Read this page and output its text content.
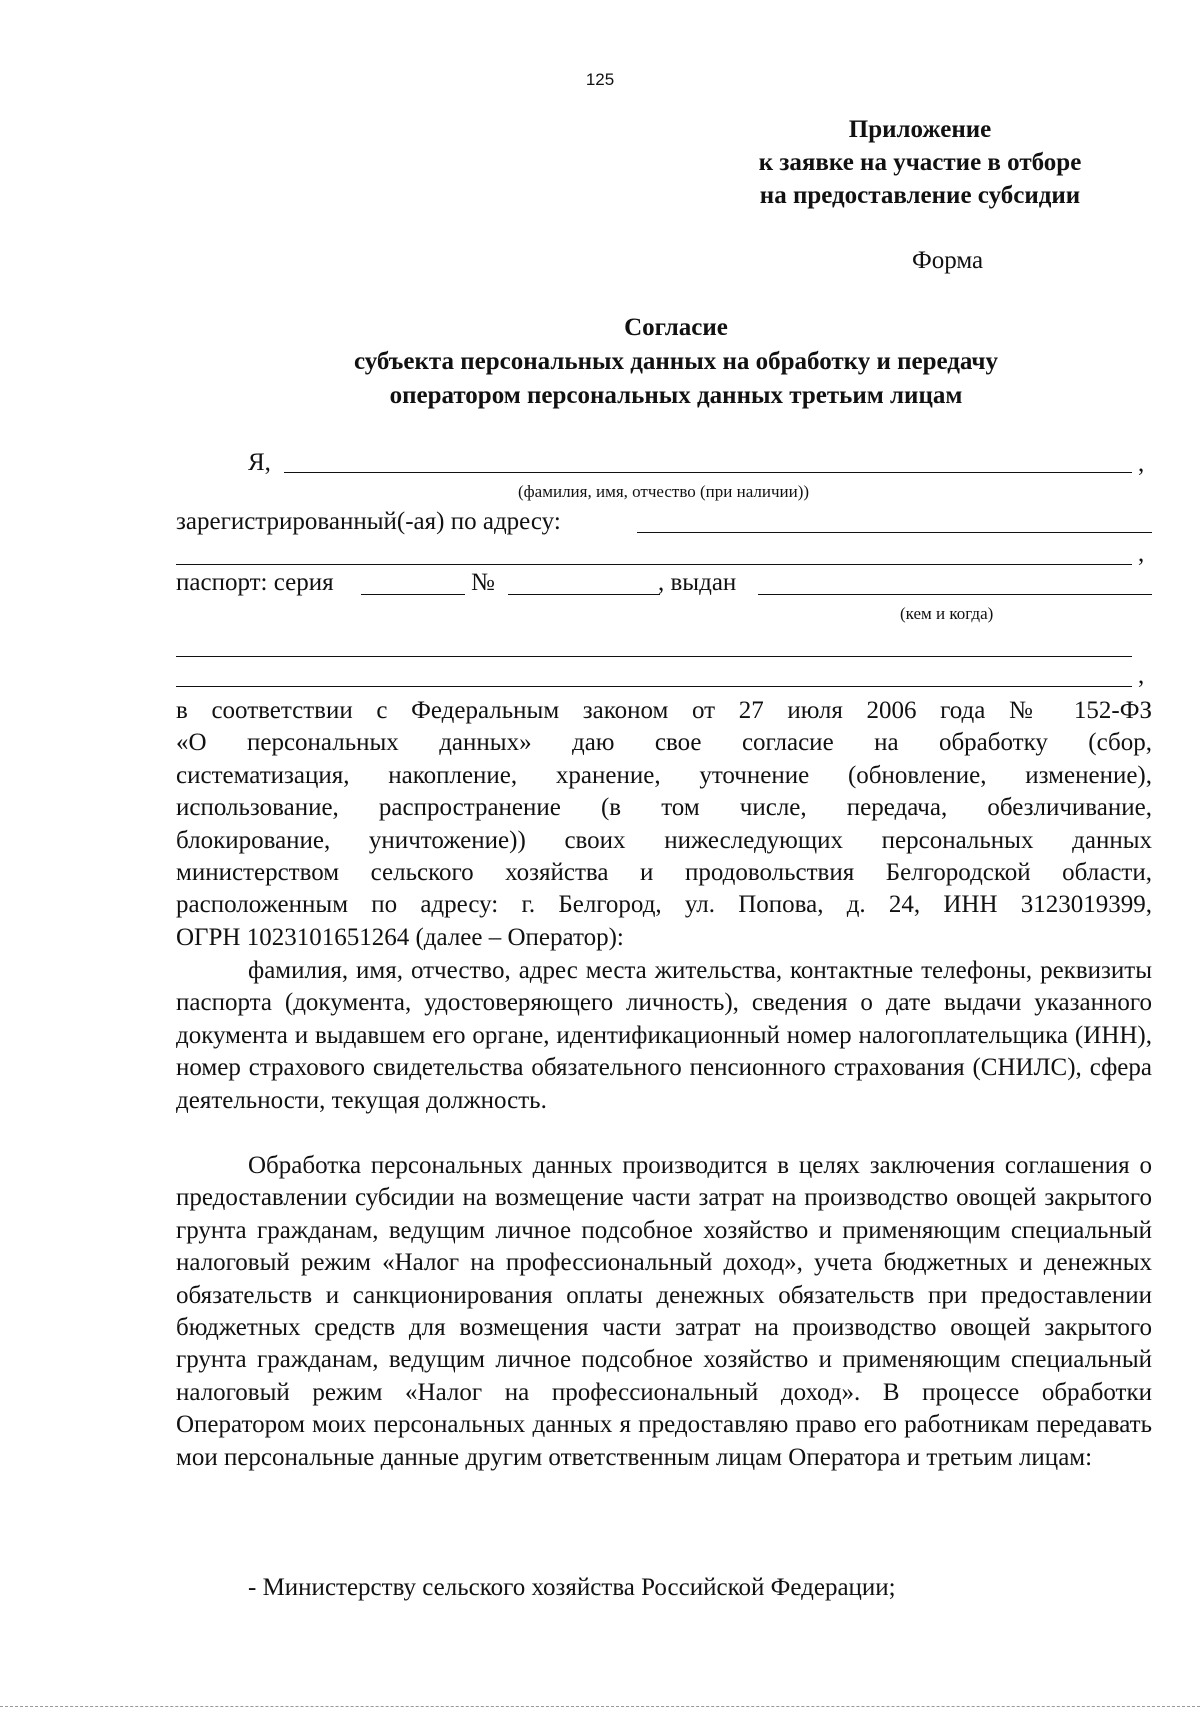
125
Приложение
к заявке на участие в отборе
на предоставление субсидии
Форма
Согласие
субъекта персональных данных на обработку и передачу
оператором персональных данных третьим лицам
Я,	,
(фамилия, имя, отчество (при наличии))
зарегистрированный(-ая) по адресу:
,
паспорт: серия	№	, выдан
(кем и когда)
,
в соответствии с Федеральным законом от 27 июля 2006 года № 152-ФЗ
«О персональных данных» даю свое согласие на обработку (сбор,
систематизация, накопление, хранение, уточнение (обновление, изменение),
использование, распространение (в том числе, передача, обезличивание,
блокирование, уничтожение)) своих нижеследующих персональных данных
министерством сельского хозяйства и продовольствия Белгородской области,
расположенным по адресу: г. Белгород, ул. Попова, д. 24, ИНН 3123019399,
ОГРН 1023101651264 (далее – Оператор):

фамилия, имя, отчество, адрес места жительства, контактные телефоны, реквизиты паспорта (документа, удостоверяющего личность), сведения о дате выдачи указанного документа и выдавшем его органе, идентификационный номер налогоплательщика (ИНН), номер страхового свидетельства обязательного пенсионного страхования (СНИЛС), сфера деятельности, текущая должность.

Обработка персональных данных производится в целях заключения соглашения о предоставлении субсидии на возмещение части затрат на производство овощей закрытого грунта гражданам, ведущим личное подсобное хозяйство и применяющим специальный налоговый режим «Налог на профессиональный доход», учета бюджетных и денежных обязательств и санкционирования оплаты денежных обязательств при предоставлении бюджетных средств для возмещения части затрат на производство овощей закрытого грунта гражданам, ведущим личное подсобное хозяйство и применяющим специальный налоговый режим «Налог на профессиональный доход». В процессе обработки Оператором моих персональных данных я предоставляю право его работникам передавать мои персональные данные другим ответственным лицам Оператора и третьим лицам:

- Министерству сельского хозяйства Российской Федерации;
